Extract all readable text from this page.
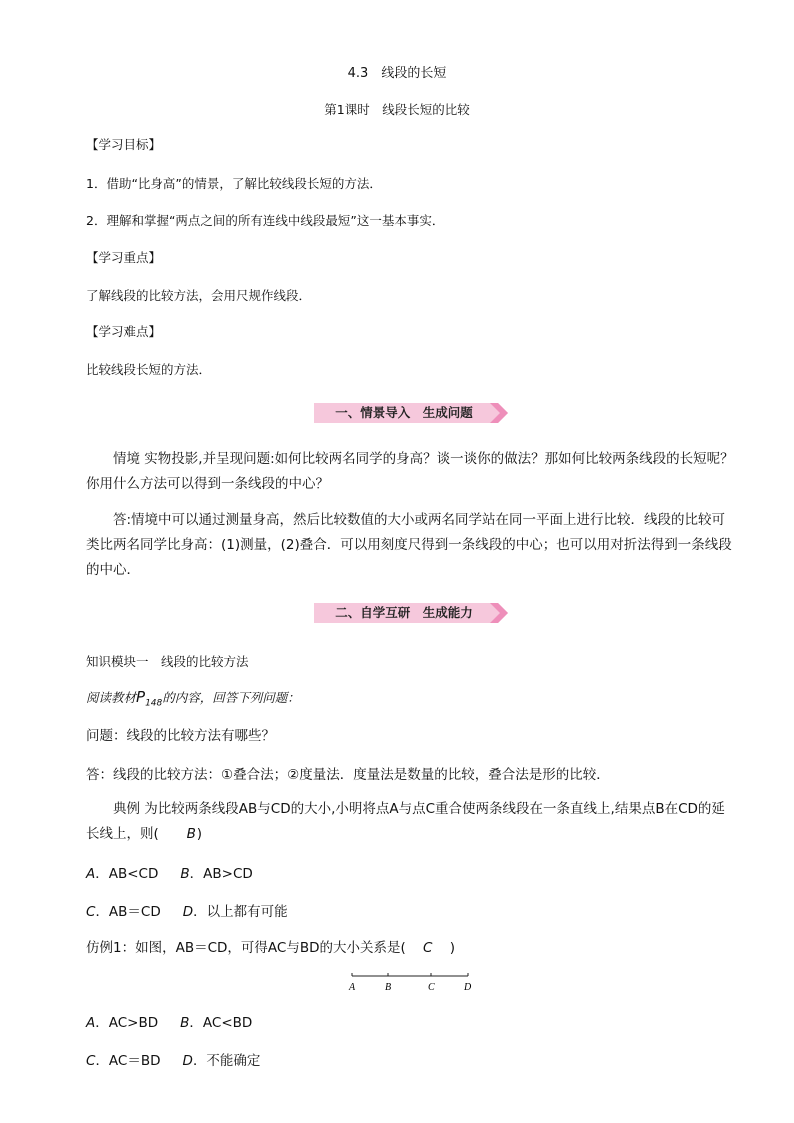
4.3　线段的长短
第1课时　线段长短的比较
【学习目标】
1．借助“比身高”的情景，了解比较线段长短的方法．
2．理解和掌握“两点之间的所有连线中线段最短”这一基本事实．
【学习重点】
了解线段的比较方法，会用尺规作线段．
【学习难点】
比较线段长短的方法．
一、情景导入　生成问题
情境 实物投影,并呈现问题:如何比较两名同学的身高？谈一谈你的做法？那如何比较两条线段的长短呢？你用什么方法可以得到一条线段的中心？
答:情境中可以通过测量身高，然后比较数值的大小或两名同学站在同一平面上进行比较．线段的比较可类比两名同学比身高：(1)测量，(2)叠合．可以用刻度尺得到一条线段的中心；也可以用对折法得到一条线段的中心．
二、自学互研　生成能力
知识模块一　线段的比较方法
阅读教材$P_{148}$的内容，回答下列问题：
问题：线段的比较方法有哪些？
答：线段的比较方法：①叠合法；②度量法．度量法是数量的比较，叠合法是形的比较．
典例 为比较两条线段AB与CD的大小,小明将点A与点C重合使两条线段在一条直线上,结果点B在CD的延长线上，则( B)
A．AB<CD B．AB>CD
C．AB＝CD D．以上都有可能
仿例1：如图，AB＝CD，可得AC与BD的大小关系是( C )
A	B	C	D
A．AC>BD B．AC<BD
C．AC＝BD D．不能确定
